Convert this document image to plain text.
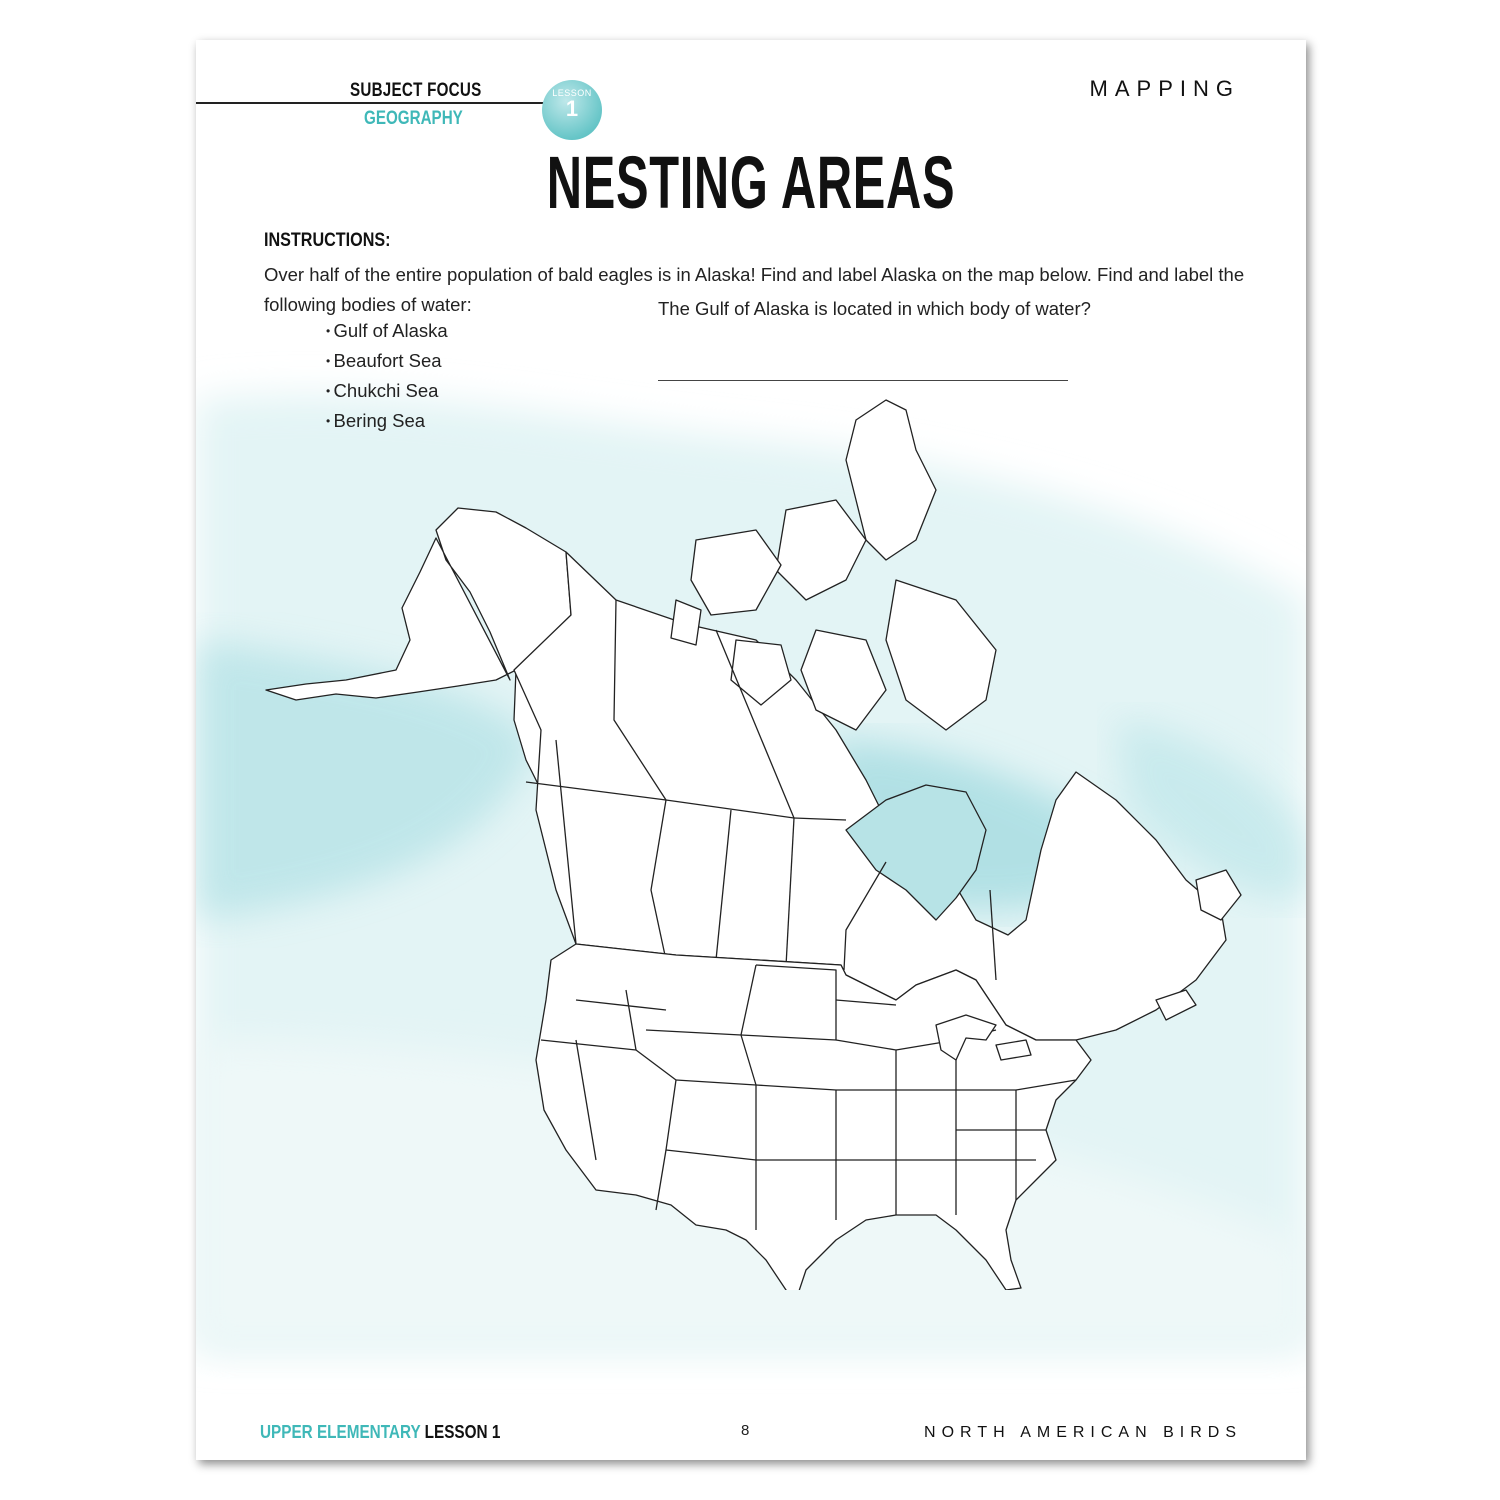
SUBJECT FOCUS
GEOGRAPHY
LESSON
1
MAPPING
NESTING AREAS
INSTRUCTIONS:
Over half of the entire population of bald eagles is in Alaska! Find and label Alaska on the map below. Find and label the following bodies of water:
• Gulf of Alaska
• Beaufort Sea
• Chukchi Sea
• Bering Sea
The Gulf of Alaska is located in which body of water?
UPPER ELEMENTARY LESSON 1	8	NORTH AMERICAN BIRDS
